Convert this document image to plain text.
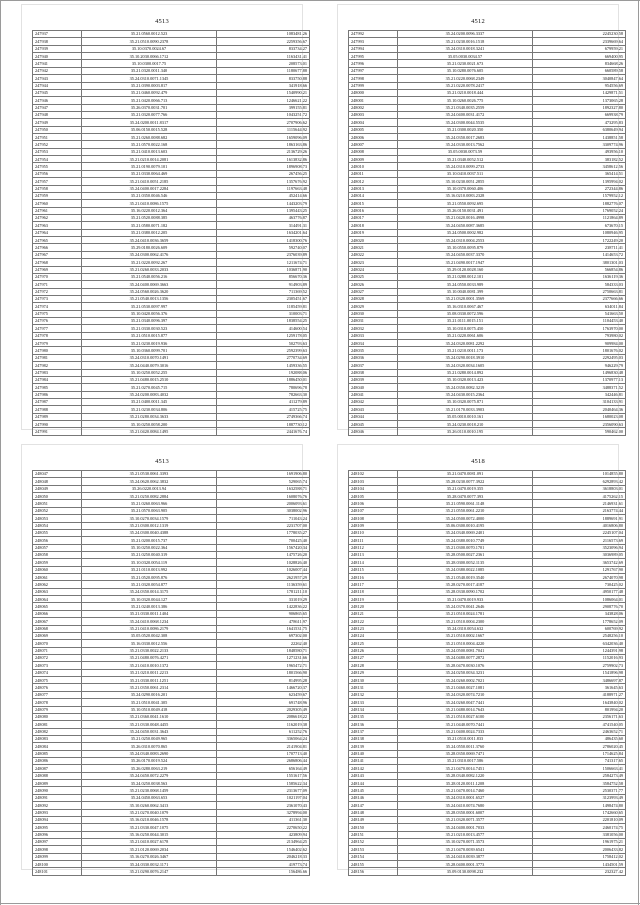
4513
247937	35.21.0560.0012.523	1083481.26
247938	35.21.0510.0090.2378	2259356.67
247939	35.10.0370.0024.67	833734.27
247940	35.10.2030.0066.1712	1163431.41
247941	35.10.0300.0017.75	208573.01
247942	35.21.0320.0011.340	1180677.88
247943	35.24.0310.0071.1345	833750.88
247944	35.21.0390.0003.817	341918.66
247945	35.21.0460.0092.479	1540990.21
247946	35.21.0420.0066.713	1246621.22
247947	35.26.0370.0031.701	399155.81
247948	35.21.0320.0077.766	1043251.72
247949	35.24.0200.0011.8317	2707906.62
247950	35.06.0150.0015.528	1115644.92
247951	35.21.0260.0088.682	1659096.09
247952	35.21.0570.0022.168	1863163.86
247953	35.21.0410.0013.603	2136729.26
247954	35.21.0210.0014.2081	1613832.86
247955	35.21.0190.0079.101	1896908.73
247956	35.21.0330.0064.469	267456.25
247957	35.21.0410.0051.2185	1357676.92
247958	35.24.0400.0017.2284	1197663.48
247959	35.21.0350.0046.546	452414.66
247960	35.21.0410.0086.1575	1443203.79
247961	35.16.0220.0012.364	1395443.25
247962	35.21.0520.0088.385	463776.87
247963	35.21.0580.0071.182	314491.31
247964	35.21.0380.0012.205	1634201.64
247965	35.24.0410.0036.3659	1418300.76
247966	35.29.0180.0026.609	592740.07
247967	35.24.0300.0062.4176	2376039.89
247968	35.21.0220.0092.267	1211674.71
247969	35.21.0260.0033.2033	1036871.90
247970	35.21.0540.0056.216	856670.36
247971	35.24.0400.0069.3663	914903.89
247972	35.24.0560.0026.3620	711369.52
247973	35.21.0540.0013.1356	2305451.67
247974	35.21.0530.0097.997	1185459.81
247975	35.10.0420.0056.376	310003.71
247976	35.21.0340.0096.397	1838554.25
247977	35.21.0330.0030.523	414600.54
247978	35.21.0510.0015.877	1259178.05
247979	35.21.0230.0019.936	502793.63
247980	35.10.0360.0099.701	2592399.63
247981	35.24.0310.0070.1491	2770734.69
247982	35.24.0440.0079.3016	1459336.55
247983	35.10.0250.0052.255	192088.06
247984	35.21.0480.0015.2510	1886450.01
247985	35.21.0270.0045.715	780696.78
247986	35.24.0200.0083.4032	782663.30
247987	35.21.0400.0011.345	411279.89
247988	35.21.0230.0034.806	415725.75
247989	35.21.0280.0034.3633	2749366.74
247990	35.10.0250.0058.200	1887730.12
247991	35.21.0420.0084.1495	2441676.74
4512
247992	35.24.0200.0096.3337	2245230.58
247993	35.21.0230.0016.1518	2339669.64
247994	35.24.0310.0018.3241	679959.21
247995	35.05.0030.0034.57	669400.95
247996	35.21.0230.0021.673	834668.26
247997	35.10.0280.0076.605	660589.58
247998	35.21.0220.0068.2349	3040847.64
247999	35.21.0220.0078.2417	954556.69
248000	35.21.0210.0018.444	1429871.51
248001	35.10.0260.0026.775	1373065.28
248002	35.21.0340.0035.2559	1892327.80
248003	35.24.0400.0031.4172	669938.79
248004	35.24.0300.0044.5535	473295.83
248005	35.21.0300.0020.350	6380649.94
248006	35.24.0350.0017.2683	1438851.58
248007	35.24.0330.0013.7562	3309774.96
248008	35.05.0030.0073.59	493956.10
248009	35.21.0340.0052.512	383182.52
248010	35.24.0310.0099.2733	3458612.56
248011	35.10.0410.0037.511	365414.51
248012	35.10.0230.0051.2855	1395994.02
248013	35.10.0370.0060.406	272344.86
248014	35.16.0210.0083.2328	1579952.12
248015	35.21.0550.0092.695	1882776.07
248016	35.26.0150.0031.491	1769052.24
248017	35.21.0420.0016.4998	1121864.89
248018	35.24.0450.0087.3685	673670.15
248019	35.24.0500.0002.982	1080946.95
248020	35.24.0310.0004.2553	1722249.20
248021	35.10.0550.0095.879	238711.41
248022	35.24.0450.0037.3370	1414653.72
248023	35.21.0490.0017.1947	3801301.03
248024	35.29.0120.0028.160	566854.86
248025	35.21.0280.0012.101	1636119.36
248026	35.24.0550.0033.989	584333.03
248027	35.10.0040.0081.399	2750663.81
248028	35.21.0320.0001.3569	2377666.66
248029	35.16.0310.0067.467	634011.84
248030	35.08.0330.0072.596	541663.50
248031	35.21.0111.0015.151	1104453.40
248032	35.10.0310.0075.450	1763970.00
248033	35.21.0220.0061.606	793980.02
248034	35.24.0320.0081.2292	909984.00
248035	35.21.0210.0011.173	1801676.02
248036	35.24.0290.0018.3910	2292495.03
248037	35.24.0320.0034.1605	946229.79
248038	35.21.0280.0014.892	1496830.48
248039	35.10.0320.0013.423	1370977.13
248040	35.24.0350.0082.3219	3488371.52
248041	35.24.0430.0015.2364	342446.81
248042	35.10.0320.0075.871	3104133.91
248043	35.21.0170.0033.3903	2040464.36
248044	35.05.0010.0010.161	1680023.08
248045	35.24.0230.0018.210	2356090.63
248046	35.26.0110.0010.195	590462.00
4513
248047	35.21.0530.0061.3393	1691906.80
248048	35.24.0620.0062.3832	529065.74
248049	35.26.0220.0013.94	1632588.71
248050	35.21.0250.0082.2884	1608076.76
248051	35.21.0260.0063.966	2006093.61
248052	35.21.0570.0063.905	3038002.96
248053	35.10.0270.0034.1579	711043.24
248054	35.21.0300.0012.1319	2231707.00
248055	35.24.0300.0040.4388	1778035.27
248056	35.21.0200.0015.737	700425.40
248057	35.10.0250.0022.364	1567420.34
248058	35.21.0250.0040.319	1475726.20
248059	35.10.0320.0054.119	1028826.40
248060	35.21.0110.0013.992	1026007.44
248061	35.21.0520.0095.876	2621957.29
248062	35.21.0320.0054.877	1136359.61
248063	35.24.0350.0014.3175	1781211.10
248064	35.10.0320.0044.127	331019.29
248065	35.21.0240.0013.386	1422836.22
248066	35.21.0330.0011.1404	906865.65
248067	35.24.0410.0068.1234	478611.97
248068	35.21.0410.0086.2179	1641531.75
248069	35.05.0520.0042.308	697302.00
248070	35.16.0330.0012.556	22262.40
248071	35.21.0330.0022.2133	1848580.71
248072	35.21.0480.0076.4271	1271231.66
248073	35.21.0410.0010.1372	1965472.71
248074	35.21.0210.0011.2213	1801566.90
248075	35.21.0330.0011.1251	814995.28
248076	35.21.0350.0061.2314	1466720.37
248077	35.24.0290.0016.201	623459.67
248078	35.21.0510.0041.305	691748.96
248079	35.10.0510.0049.418	2029305.49
248080	35.21.0360.0041.1610	2086618.22
248081	35.21.0330.0048.4455	1162019.38
248082	35.24.0450.0031.3643	611252.76
248083	35.21.0250.0049.965	3365064.24
248084	35.26.0310.0070.865	2141904.81
248085	35.24.0340.0083.2690	1707713.40
248086	35.26.0170.0019.524	2686806.44
248087	35.26.0280.0063.219	656164.49
248088	35.24.0450.0072.2279	1551617.56
248089	35.24.0250.0038.563	1585622.34
248090	35.21.0230.0068.1459	2313677.09
248091	35.24.0450.0063.653	1021197.04
248092	35.10.0260.0062.3413	2361070.43
248093	35.21.0270.0040.1079	3278994.00
248094	35.16.0210.0046.1578	411361.30
248095	35.21.0330.0047.1075	2270650.22
248096	35.16.0250.0044.3015	423809.94
248097	35.21.0410.0027.6178	2134964.25
248098	35.21.0120.0069.2034	1546402.62
248099	35.16.0270.0026.3467	2046218.33
248100	35.24.0330.0032.1171	419773.74
248101	35.21.0290.0076.2147	156486.66
4518
248102	35.21.0470.0081.091	1014855.80
248103	35.28.0230.0077.3922	6292893.42
248104	35.21.0470.0019.355	3618803.01
248105	35.28.0470.0077.393	4175262.15
248106	35.21.0590.0061.1148	2146931.61
248107	35.21.0550.0061.2210	2163774.44
248108	35.24.0500.0072.4000	1889691.91
248109	35.06.0300.0010.4195	4016806.80
248110	35.24.0340.0069.2401	2245107.04
248111	35.24.0380.0010.7749	2116573.69
248112	35.21.0300.0070.1701	3523096.94
248113	35.28.0500.0027.2361	3036989.05
248114	35.28.0300.0052.1135	3653742.69
248115	35.24.0380.0022.1085	1291767.90
248116	35.21.0540.0019.3540	2674070.98
248117	35.28.0270.0017.4187	730425.02
248118	35.28.0330.0090.1702	4950177.48
248119	35.21.0470.0019.933	1086064.01
248120	35.24.0370.0041.2646	2908776.70
248121	35.21.0510.0024.1781	343828.06
248122	35.21.0510.0004.2300	1778652.09
248123	35.24.0310.0054.632	600769.92
248124	35.21.0510.0002.1667	2548256.10
248125	35.21.0510.0004.4220	6342036.40
248126	35.24.0500.0081.7041	1244391.98
248127	35.24.0480.0077.2872	1152016.93
248128	35.28.0470.0030.1076	2759902.73
248129	35.24.0250.0034.3231	1541896.98
248130	35.24.0260.0002.7021	3486697.87
248131	35.21.0460.0027.1081	361645.63
248132	35.24.0320.0074.7210	4188971.27
248133	35.24.0260.0047.7441	1643840.02
248134	35.21.0480.0014.7643	801994.20
248135	35.21.0510.0027.6100	2356171.63
248136	35.21.0440.0070.7441	4741540.05
248137	35.21.0400.0024.7333	2463652.71
248138	35.21.0510.0011.833	486435.60
248139	35.24.0550.0011.3760	2786020.45
248140	35.28.0350.0069.7471	1714625.84
248141	35.21.0310.0017.586	741317.65
248142	35.21.0470.0014.7451	1506663.41
248143	35.28.0340.0082.1220	2584273.49
248144	35.28.0120.0011.1208	3584752.58
248145	35.21.0470.0014.7460	2530371.77
248146	35.24.0310.0001.6527	3123993.49
248147	35.24.0410.0074.7680	1498474.80
248148	35.28.0350.0001.6007	1742660.65
248149	35.21.0320.0071.3577	2201810.09
248150	35.24.0400.0001.7033	2460174.75
248151	35.21.0210.0013.4577	3381056.00
248152	35.10.0270.0071.3573	1961975.21
248153	35.21.0470.0039.6541	2006433.82
248154	35.24.0410.0039.3877	1758412.02
248155	35.28.0400.0001.3773	1434501.59
248156	35.09.0130.0098.232	232327.42
